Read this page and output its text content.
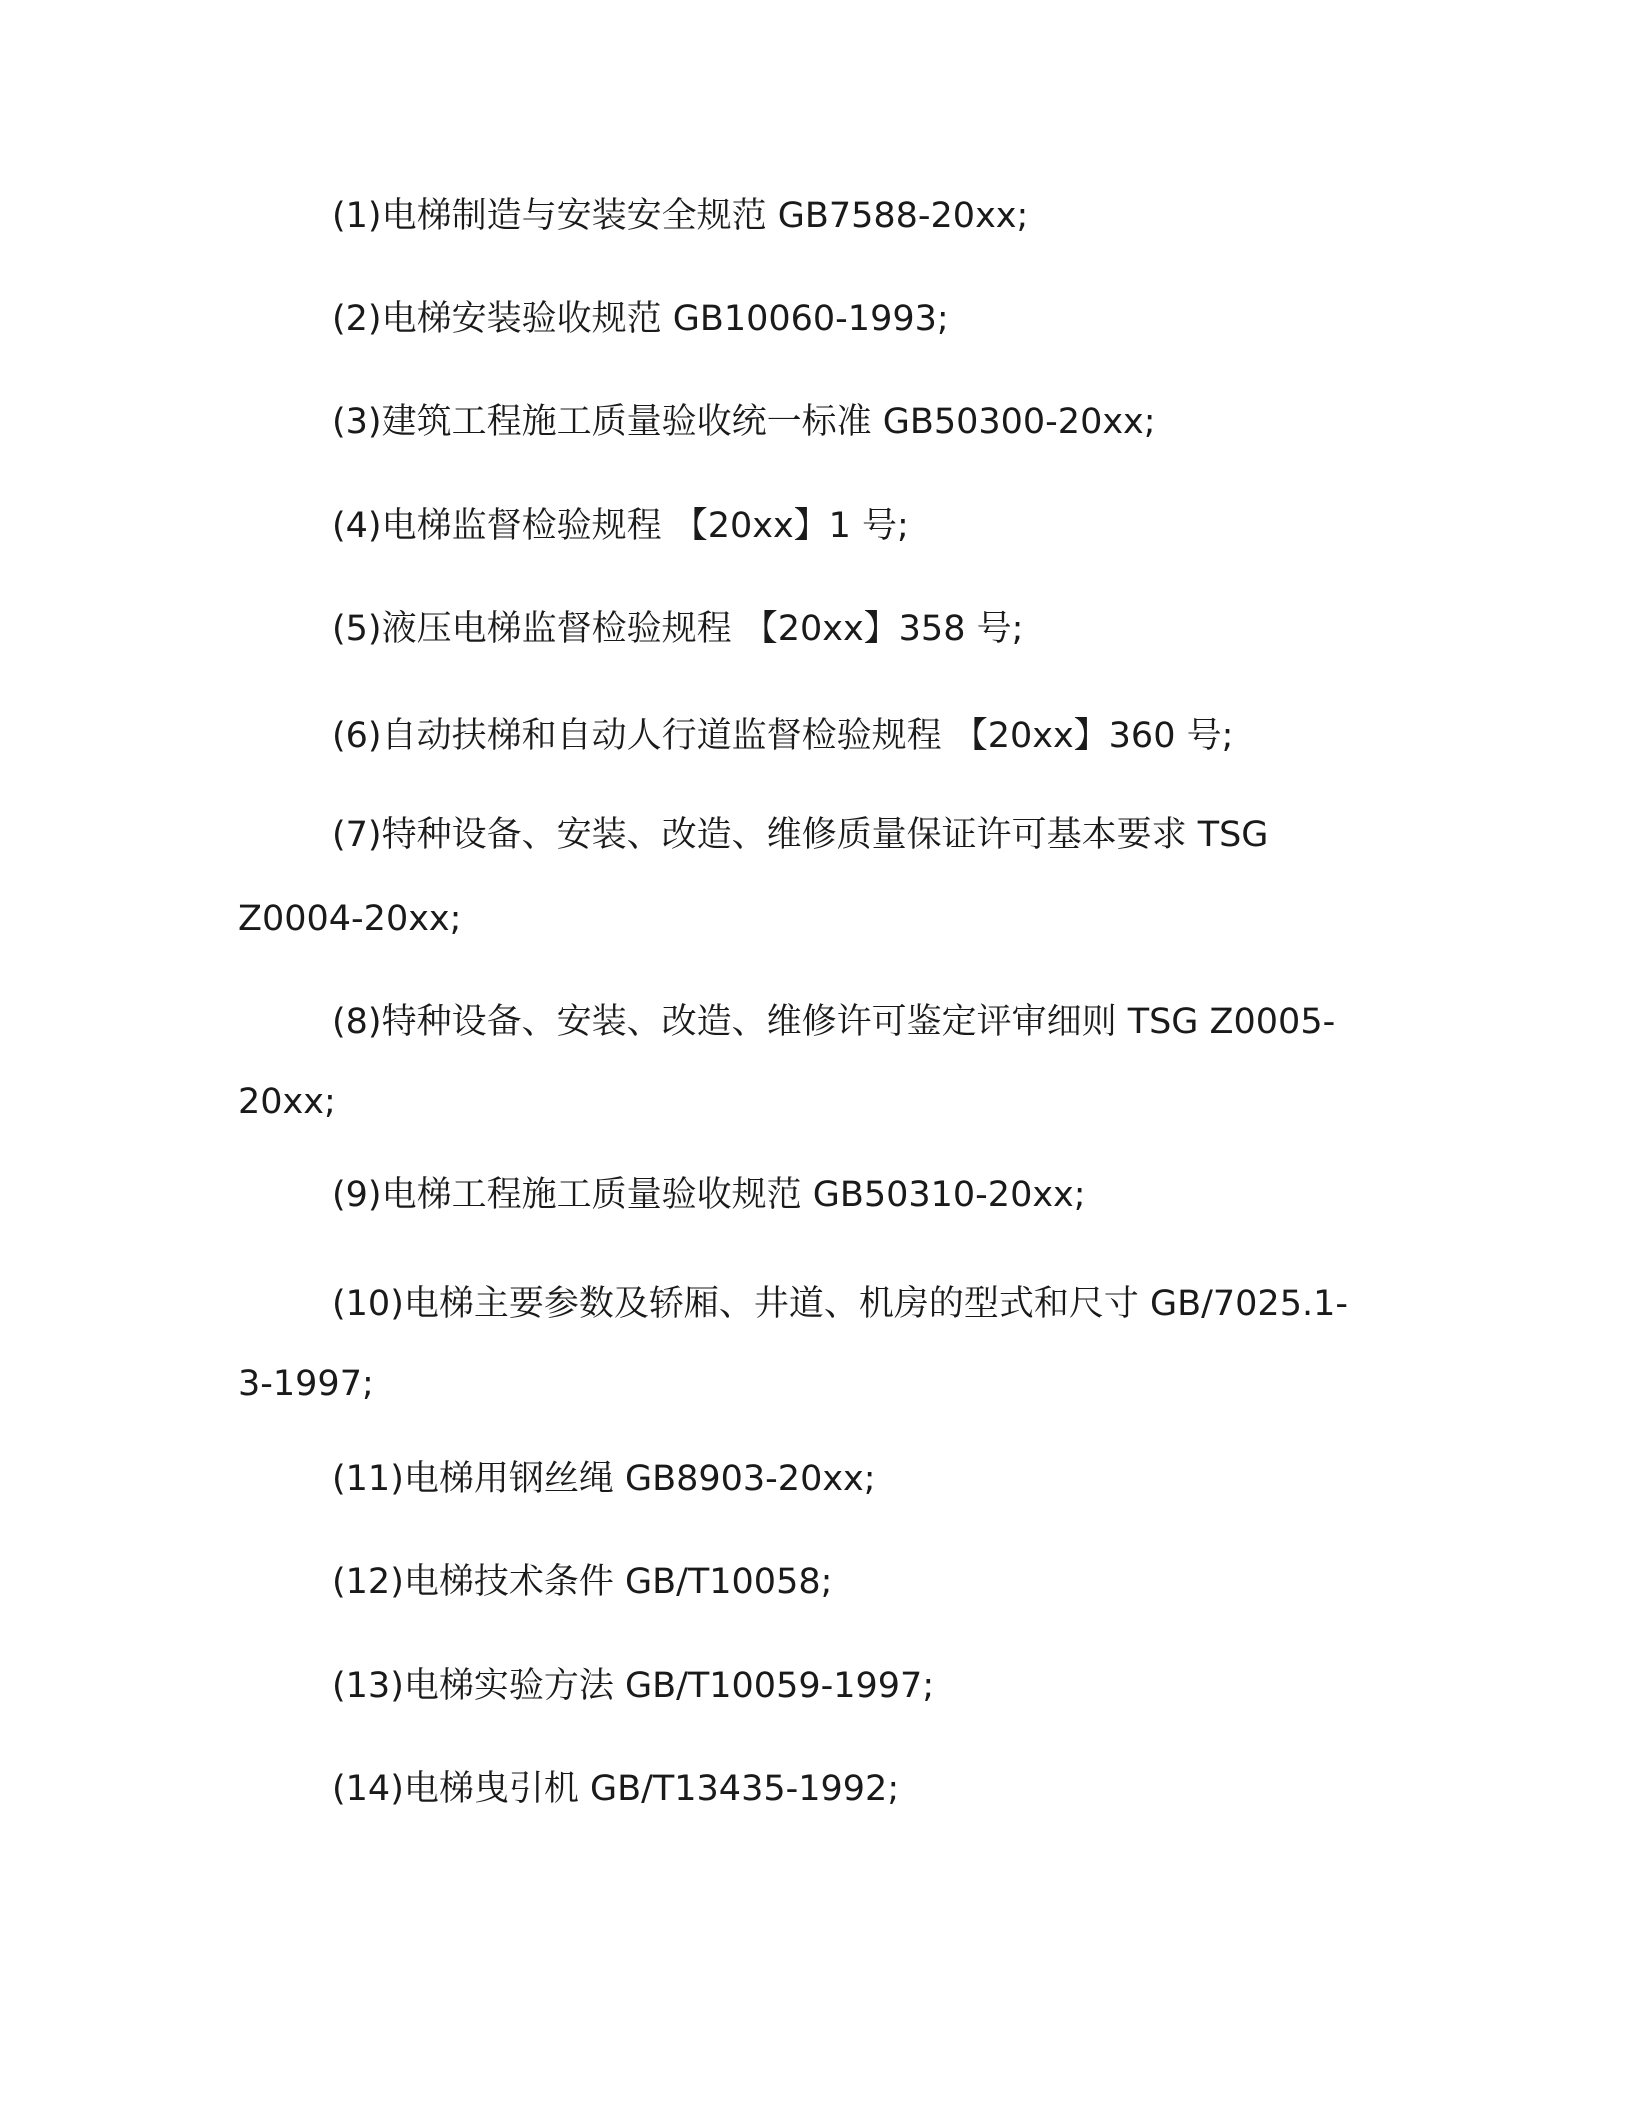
(1)电梯制造与安装安全规范 GB7588-20xx;
(2)电梯安装验收规范 GB10060-1993;
(3)建筑工程施工质量验收统一标准 GB50300-20xx;
(4)电梯监督检验规程 【20xx】1 号;
(5)液压电梯监督检验规程 【20xx】358 号;
(6)自动扶梯和自动人行道监督检验规程 【20xx】360 号;
(7)特种设备、安装、改造、维修质量保证许可基本要求 TSG
Z0004-20xx;
(8)特种设备、安装、改造、维修许可鉴定评审细则 TSG Z0005-
20xx;
(9)电梯工程施工质量验收规范 GB50310-20xx;
(10)电梯主要参数及轿厢、井道、机房的型式和尺寸 GB/7025.1-
3-1997;
(11)电梯用钢丝绳 GB8903-20xx;
(12)电梯技术条件 GB/T10058;
(13)电梯实验方法 GB/T10059-1997;
(14)电梯曳引机 GB/T13435-1992;
